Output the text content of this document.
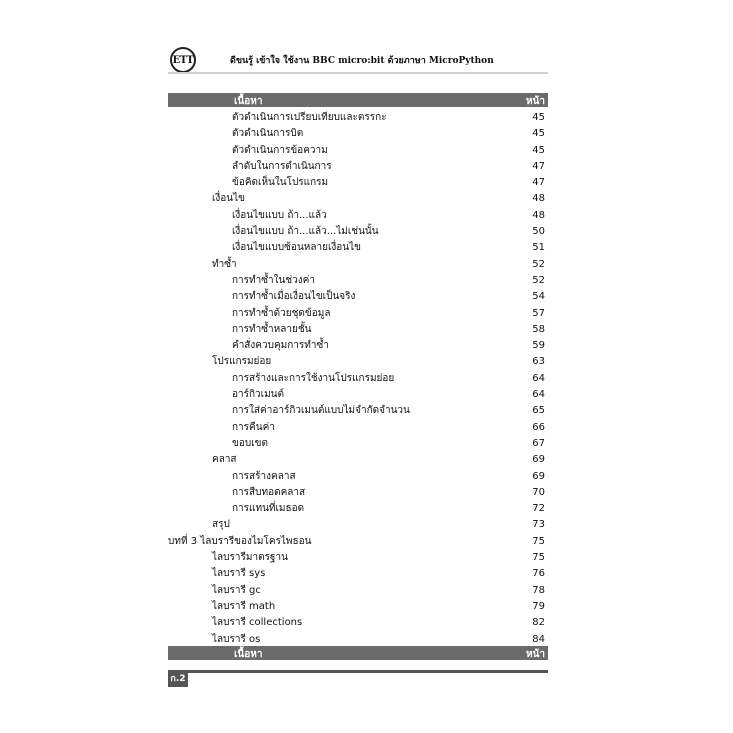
ETT	ดีขนรู้ เข้าใจ ใช้งาน BBC micro:bit ด้วยภาษา MicroPython
เนื้อหา	หน้า
ตัวดำเนินการเปรียบเทียบและตรรกะ	45
ตัวดำเนินการบิต	45
ตัวดำเนินการข้อความ	45
ลำดับในการดำเนินการ	47
ข้อคิดเห็นในโปรแกรม	47
เงื่อนไข	48
เงื่อนไขแบบ ถ้า...แล้ว	48
เงื่อนไขแบบ ถ้า...แล้ว...ไม่เช่นนั้น	50
เงื่อนไขแบบซ้อนหลายเงื่อนไข	51
ทำซ้ำ	52
การทำซ้ำในช่วงค่า	52
การทำซ้ำเมื่อเงื่อนไขเป็นจริง	54
การทำซ้ำด้วยชุดข้อมูล	57
การทำซ้ำหลายชั้น	58
คำสั่งควบคุมการทำซ้ำ	59
โปรแกรมย่อย	63
การสร้างและการใช้งานโปรแกรมย่อย	64
อาร์กิวเมนต์	64
การใส่ค่าอาร์กิวเมนต์แบบไม่จำกัดจำนวน	65
การคืนค่า	66
ขอบเขต	67
คลาส	69
การสร้างคลาส	69
การสืบทอดคลาส	70
การแทนที่เมธอด	72
สรุป	73
บทที่ 3 ไลบรารีของไมโครไพธอน	75
ไลบรารีมาตรฐาน	75
ไลบรารี sys	76
ไลบรารี gc	78
ไลบรารี math	79
ไลบรารี collections	82
ไลบรารี os	84
เนื้อหา	หน้า
ก.2
